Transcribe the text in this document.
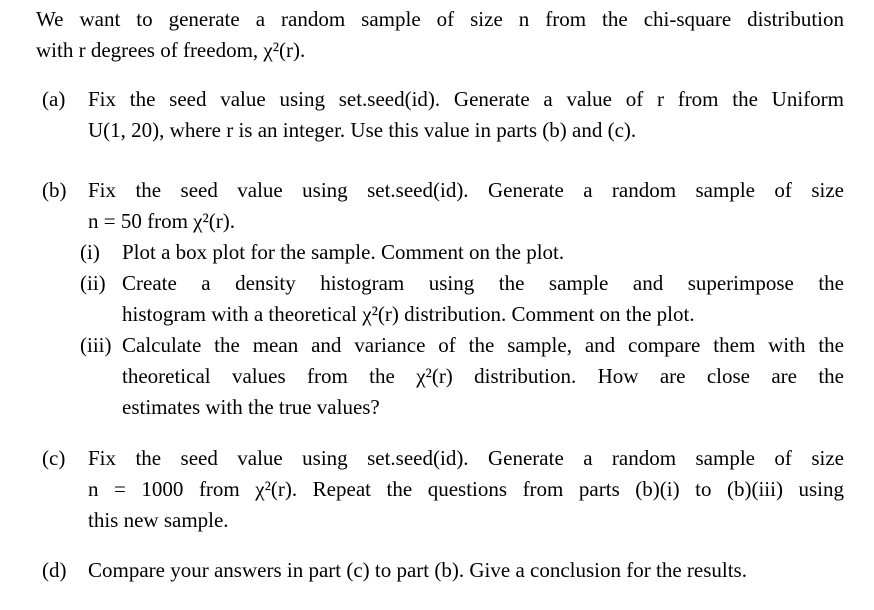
We want to generate a random sample of size n from the chi-square distribution
with r degrees of freedom, χ²(r).
(a) Fix the seed value using set.seed(id). Generate a value of r from the Uniform
U(1, 20), where r is an integer. Use this value in parts (b) and (c).
(b) Fix the seed value using set.seed(id). Generate a random sample of size
n = 50 from χ²(r).
(i) Plot a box plot for the sample. Comment on the plot.
(ii) Create a density histogram using the sample and superimpose the
histogram with a theoretical χ²(r) distribution. Comment on the plot.
(iii) Calculate the mean and variance of the sample, and compare them with the
theoretical values from the χ²(r) distribution. How are close are the
estimates with the true values?
(c) Fix the seed value using set.seed(id). Generate a random sample of size
n = 1000 from χ²(r). Repeat the questions from parts (b)(i) to (b)(iii) using
this new sample.
(d) Compare your answers in part (c) to part (b). Give a conclusion for the results.
